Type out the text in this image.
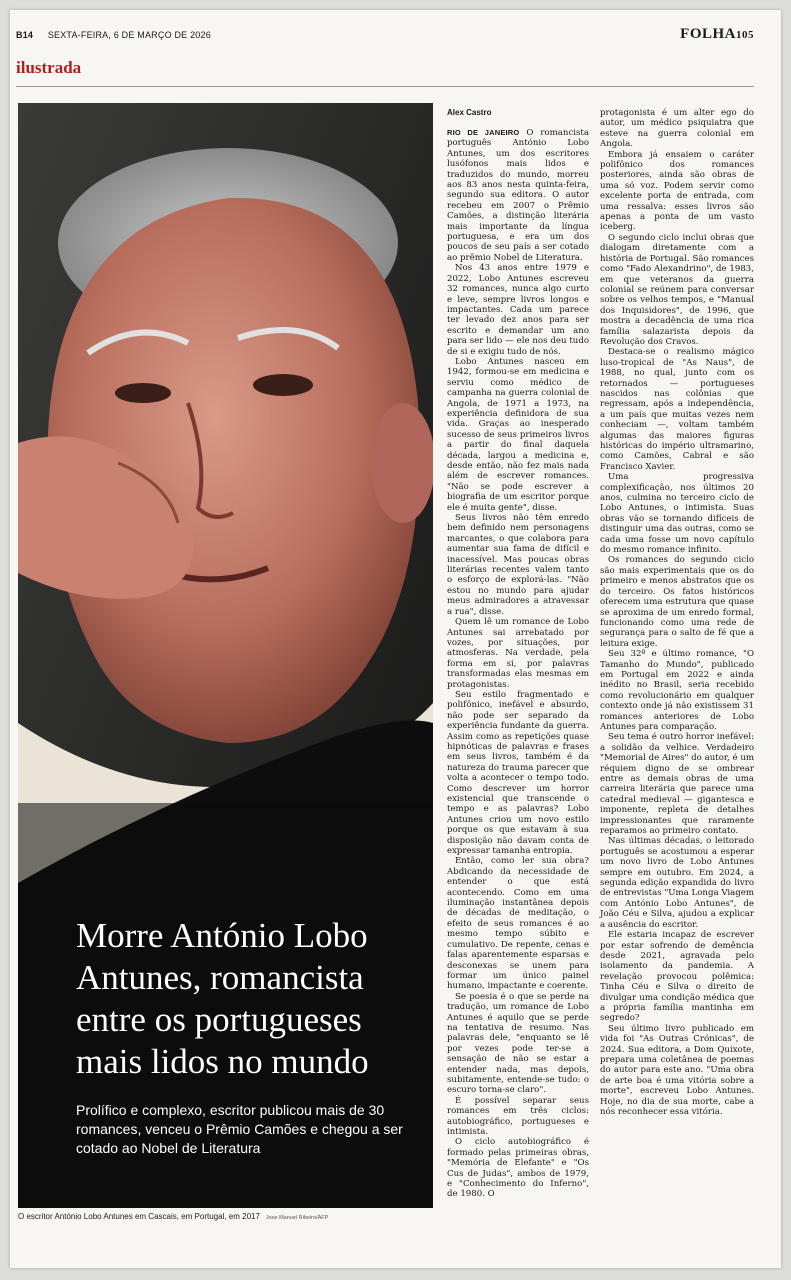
B14 SEXTA-FEIRA, 6 DE MARÇO DE 2026	FOLHA105
ilustrada
Morre António Lobo Antunes, romancista entre os portugueses mais lidos no mundo
Prolífico e complexo, escritor publicou mais de 30 romances, venceu o Prêmio Camões e chegou a ser cotado ao Nobel de Literatura
O escritor António Lobo Antunes em Cascais, em Portugal, em 2017 Jose Manuel Ribeiro/AFP
Alex Castro

RIO DE JANEIRO O romancista português António Lobo Antunes, um dos escritores lusófonos mais lidos e traduzidos do mundo, morreu aos 83 anos nesta quinta-feira, segundo sua editora. O autor recebeu em 2007 o Prêmio Camões, a distinção literária mais importante da língua portuguesa, e era um dos poucos de seu país a ser cotado ao prêmio Nobel de Literatura.

Nos 43 anos entre 1979 e 2022, Lobo Antunes escreveu 32 romances, nunca algo curto e leve, sempre livros longos e impactantes. Cada um parece ter levado dez anos para ser escrito e demandar um ano para ser lido — ele nos deu tudo de si e exigiu tudo de nós.

Lobo Antunes nasceu em 1942, formou-se em medicina e serviu como médico de campanha na guerra colonial de Angola, de 1971 a 1973, na experiência definidora de sua vida. Graças ao inesperado sucesso de seus primeiros livros a partir do final daquela década, largou a medicina e, desde então, não fez mais nada além de escrever romances. "Não se pode escrever a biografia de um escritor porque ele é muita gente", disse.

Seus livros não têm enredo bem definido nem personagens marcantes, o que colabora para aumentar sua fama de difícil e inacessível. Mas poucas obras literárias recentes valem tanto o esforço de explorá-las. "Não estou no mundo para ajudar meus admiradores a atravessar a rua", disse.

Quem lê um romance de Lobo Antunes sai arrebatado por vozes, por situações, por atmosferas. Na verdade, pela forma em si, por palavras transformadas elas mesmas em protagonistas.

Seu estilo fragmentado e polifônico, inefável e absurdo, não pode ser separado da experiência fundante da guerra. Assim como as repetições quase hipnóticas de palavras e frases em seus livros, também é da natureza do trauma parecer que volta a acontecer o tempo todo. Como descrever um horror existencial que transcende o tempo e as palavras? Lobo Antunes criou um novo estilo porque os que estavam à sua disposição não davam conta de expressar tamanha entropia.

Então, como ler sua obra? Abdicando da necessidade de entender o que está acontecendo. Como em uma iluminação instantânea depois de décadas de meditação, o efeito de seus romances é ao mesmo tempo súbito e cumulativo. De repente, cenas e falas aparentemente esparsas e desconexas se unem para formar um único painel humano, impactante e coerente.

Se poesia é o que se perde na tradução, um romance de Lobo Antunes é aquilo que se perde na tentativa de resumo. Nas palavras dele, "enquanto se lê por vezes pode ter-se a sensação de não se estar a entender nada, mas depois, subitamente, entende-se tudo: o escuro torna-se claro".

É possível separar seus romances em três ciclos: autobiográfico, portugueses e intimista.

O ciclo autobiográfico é formado pelas primeiras obras, "Memória de Elefante" e "Os Cus de Judas", ambos de 1979, e "Conhecimento do Inferno", de 1980. O

protagonista é um alter ego do autor, um médico psiquiatra que esteve na guerra colonial em Angola.

Embora já ensaiem o caráter polifônico dos romances posteriores, ainda são obras de uma só voz. Podem servir como excelente porta de entrada, com uma ressalva: esses livros são apenas a ponta de um vasto iceberg.

O segundo ciclo inclui obras que dialogam diretamente com a história de Portugal. São romances como "Fado Alexandrino", de 1983, em que veteranos da guerra colonial se reúnem para conversar sobre os velhos tempos, e "Manual dos Inquisidores", de 1996, que mostra a decadência de uma rica família salazarista depois da Revolução dos Cravos.

Destaca-se o realismo mágico luso-tropical de "As Naus", de 1988, no qual, junto com os retornados — portugueses nascidos nas colônias que regressam, após a independência, a um país que muitas vezes nem conheciam —, voltam também algumas das maiores figuras históricas do império ultramarino, como Camões, Cabral e são Francisco Xavier.

Uma progressiva complexificação, nos últimos 20 anos, culmina no terceiro ciclo de Lobo Antunes, o intimista. Suas obras vão se tornando difíceis de distinguir uma das outras, como se cada uma fosse um novo capítulo do mesmo romance infinito.

Os romances do segundo ciclo são mais experimentais que os do primeiro e menos abstratos que os do terceiro. Os fatos históricos oferecem uma estrutura que quase se aproxima de um enredo formal, funcionando como uma rede de segurança para o salto de fé que a leitura exige.

Seu 32º e último romance, "O Tamanho do Mundo", publicado em Portugal em 2022 e ainda inédito no Brasil, seria recebido como revolucionário em qualquer contexto onde já não existissem 31 romances anteriores de Lobo Antunes para comparação.

Seu tema é outro horror inefável: a solidão da velhice. Verdadeiro "Memorial de Aires" do autor, é um réquiem digno de se ombrear entre as demais obras de uma carreira literária que parece uma catedral medieval — gigantesca e imponente, repleta de detalhes impressionantes que raramente reparamos ao primeiro contato.

Nas últimas décadas, o leitorado português se acostumou a esperar um novo livro de Lobo Antunes sempre em outubro. Em 2024, a segunda edição expandida do livro de entrevistas "Uma Longa Viagem com António Lobo Antunes", de João Céu e Silva, ajudou a explicar a ausência do escritor.

Ele estaria incapaz de escrever por estar sofrendo de demência desde 2021, agravada pelo isolamento da pandemia. A revelação provocou polêmica: Tinha Céu e Silva o direito de divulgar uma condição médica que a própria família mantinha em segredo?

Seu último livro publicado em vida foi "As Outras Crónicas", de 2024. Sua editora, a Dom Quixote, prepara uma coletânea de poemas do autor para este ano. "Uma obra de arte boa é uma vitória sobre a morte", escreveu Lobo Antunes. Hoje, no dia de sua morte, cabe a nós reconhecer essa vitória.
